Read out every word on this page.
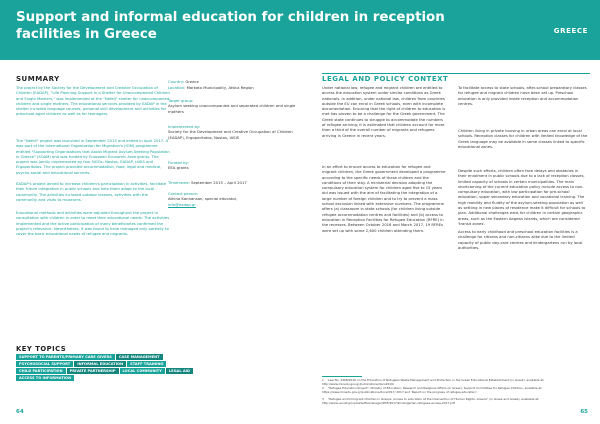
Support and informal education for children in reception facilities in Greece	GREECE
SUMMARY

The project by the Society for the Development and Creative Occupation of Children (EADAP), "Life Planning Support in a Shelter for Unaccompanied Children and Single Mothers," was implemented at the "Nefeli" shelter for unaccompanied children and single mothers. The educational services provided by EADAP in the shelter included language courses, personal skill development and activities for preschool-aged children as well as for teenagers.

The "Nefeli" project was launched in September 2015 and ended in April 2017. It was part of the International Organization for Migration's (IOM) programme entitled "Supporting Organisations that Assist Migrant Asylum-Seeking Population in Greece" (SOAM) and was funded by European Economic Area grants. The project was jointly implemented by four NGOs: Nostos, EADAP, IASIS and Ergoperitotos. The project provided accommodation, food, legal and medical, psycho-social and educational services.

EADAP's project aimed to increase children's participation in activities, facilitate their future integration in public schools and help them adapt to the local community. The activities included outdoor lessons, activities with the community and visits to museums.

Educational methods and activities were adjusted throughout the project in consultation with children in order to meet their educational needs. The activities implemented and the active participation of many beneficiaries confirmed the project's relevance. Nevertheless, it was found to have managed only partially to cover the basic educational needs of refugee and migrants.

Country: Greece
Location: Markato Municipality, Attica Region
Target group:
Asylum seeking unaccompanied and separated children and single mothers
Implemented by:
Society for the Development and Creative Occupation of Children (EADAP), Ergoperitotos, Nostos, IASIS
Funded by:
EEA grants
Timeframe: September 2015 – April 2017
Contact person:
Athina Kannanson, special educator,
info@eadap.gr
LEGAL AND POLICY CONTEXT

Under national law, refugee and migrant children are entitled to access the education system under similar conditions as Greek nationals. In addition, under national law, children from countries outside the EU can enrol in Greek schools, even with incomplete documentation. Ensuring that the right of children to education is met has proven to be a challenge for the Greek government. The Greek state continues to struggle to accommodate the numbers of refugee arriving; it is estimated that children account for more than a third of the overall number of migrants and refugees arriving in Greece in recent years.

In an effort to ensure access to education for refugee and migrant children, the Greek government developed a programme according to the specific needs of these children and the conditions of their stay. A ministerial decision adopting the compulsory education system for children aged five to 15 years old was issued with the aim of facilitating the integration of a large number of foreign children and to try to prevent a mass school exclusion linked with extensive numbers. The programme offers (a) classroom in state schools (for children living outside refugee accommodation centres and facilities) and (b) access to education in Reception Facilities for Refugee Education (RFRE) in the recesses. Between October 2016 and March 2017, 19 RFREs were set up with some 2,600 children attending them.

To facilitate access to state schools, after-school preparatory classes for refugee and migrant children have been set up. Preschool education is only provided inside reception and accommodation centres.

Children living in private housing in urban areas can enrol at local schools. Reception classes for children with limited knowledge of the Greek language may be available in some classes linked to specific educational zones.

Despite such efforts, children often face delays and obstacles in their enrolment in public schools due to a lack of reception classes, limited capacity of schools in certain municipalities. The main shortcoming of the current education policy include access to non-compulsory education, with low participation for pre-school education, upper secondary education and vocational training. The high mobility and fluidity of the asylum-seeking population as well as settling in new places of residence make it difficult for schools to plan. Additional challenges exist for children in certain geographic areas, such as the Eastern Aegean islands, which are considered 'transit zones'.

Access to early childhood and preschool education facilities is a challenge for citizens and non-citizens alike due to the limited capacity of public day-care centres and kindergartens run by local authorities.

KEY TOPICS
SUPPORT TO PARENTS/PRIMARY CARE GIVERS	CASE MANAGEMENT
PSYCHOSOCIAL SUPPORT	INFORMAL EDUCATION	STAFF TRAINING
CHILD PARTICIPATION	PRIVATE PARTNERSHIP	LOCAL COMMUNITY	LEGAL AID
ACCESS TO INFORMATION	1 Law No. 4368/2016 on the Education of Refugees Waste Management and Protection in the Greek Educational Establishment (in Greek), available at: http://www.minedu.gov.gr/publications/docs2016/
2 "Refugee Education Project", Ministry of Education, Research and Religious Affairs (in Greek), Support Committee for Refugee Children, available at: https://www.minedu.gov.gr/publications/docs2017/ 2017 and 'Report on the progress of refugee education'.
3 "Refugee and Immigrant Children in Greece: Access to education at the Intersection of Human Rights, Greece" (in Greek and Greek), available at: http://www.unicef.gr/uploads/filemanager/PDF/2017/kindergarten-refugees-access-2017.pdf
64	65
